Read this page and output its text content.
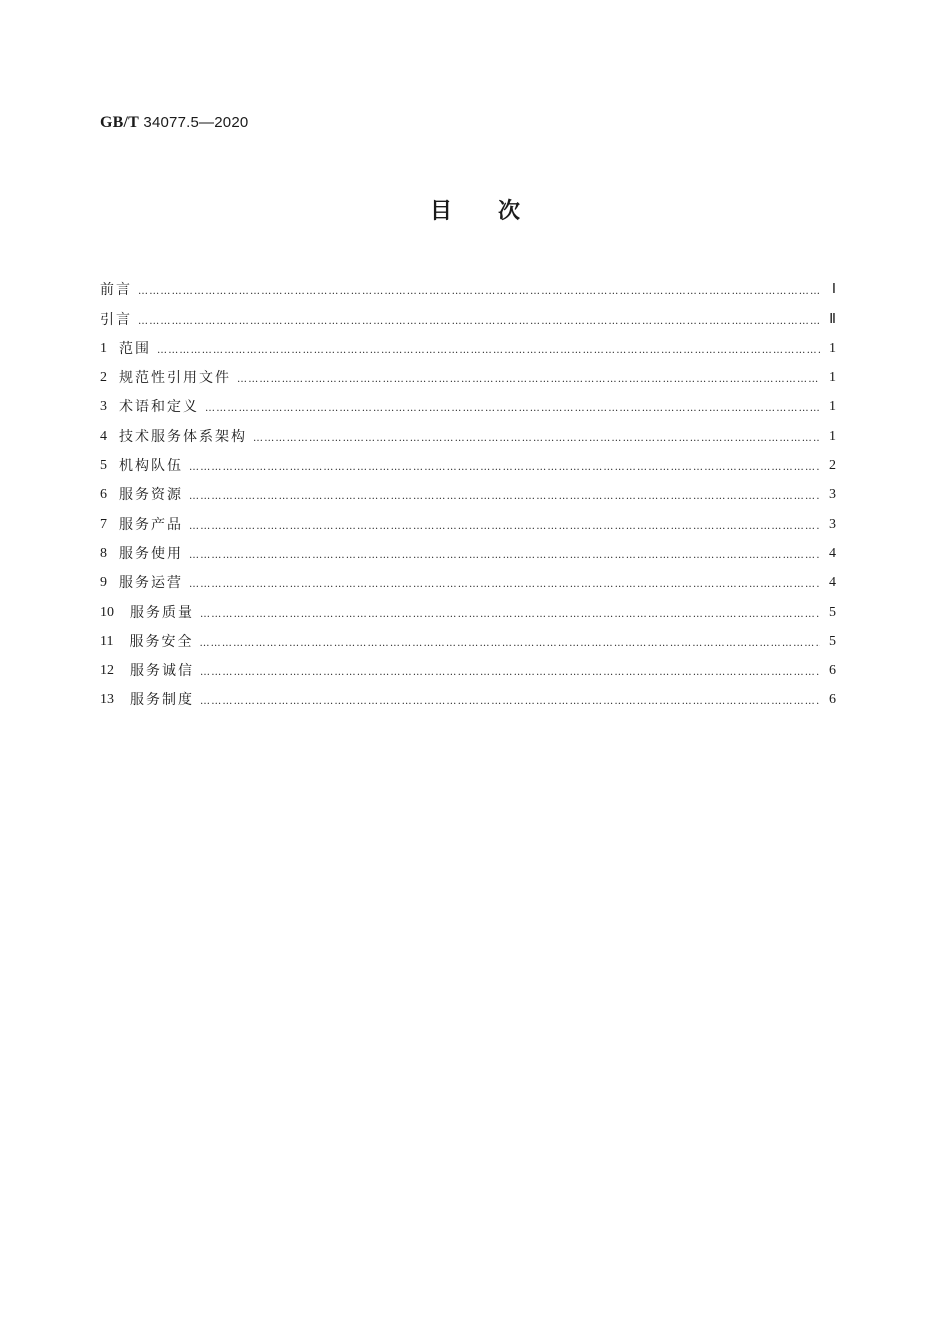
GB/T 34077.5—2020
目次
前言 …………………………………………………………………………………………………………………………………………………………………………………………………………………………………………	Ⅰ
引言 …………………………………………………………………………………………………………………………………………………………………………………………………………………………………………	Ⅱ
1 范围 …………………………………………………………………………………………………………………………………………………………………………………………………………………………………………	1
2 规范性引用文件 …………………………………………………………………………………………………………………………………………………………………………………………………………………………………………	1
3 术语和定义 …………………………………………………………………………………………………………………………………………………………………………………………………………………………………………	1
4 技术服务体系架构 …………………………………………………………………………………………………………………………………………………………………………………………………………………………………………	1
5 机构队伍 …………………………………………………………………………………………………………………………………………………………………………………………………………………………………………	2
6 服务资源 …………………………………………………………………………………………………………………………………………………………………………………………………………………………………………	3
7 服务产品 …………………………………………………………………………………………………………………………………………………………………………………………………………………………………………	3
8 服务使用 …………………………………………………………………………………………………………………………………………………………………………………………………………………………………………	4
9 服务运营 …………………………………………………………………………………………………………………………………………………………………………………………………………………………………………	4
10 服务质量 …………………………………………………………………………………………………………………………………………………………………………………………………………………………………………	5
11 服务安全 …………………………………………………………………………………………………………………………………………………………………………………………………………………………………………	5
12 服务诚信 …………………………………………………………………………………………………………………………………………………………………………………………………………………………………………	6
13 服务制度 …………………………………………………………………………………………………………………………………………………………………………………………………………………………………………	6
